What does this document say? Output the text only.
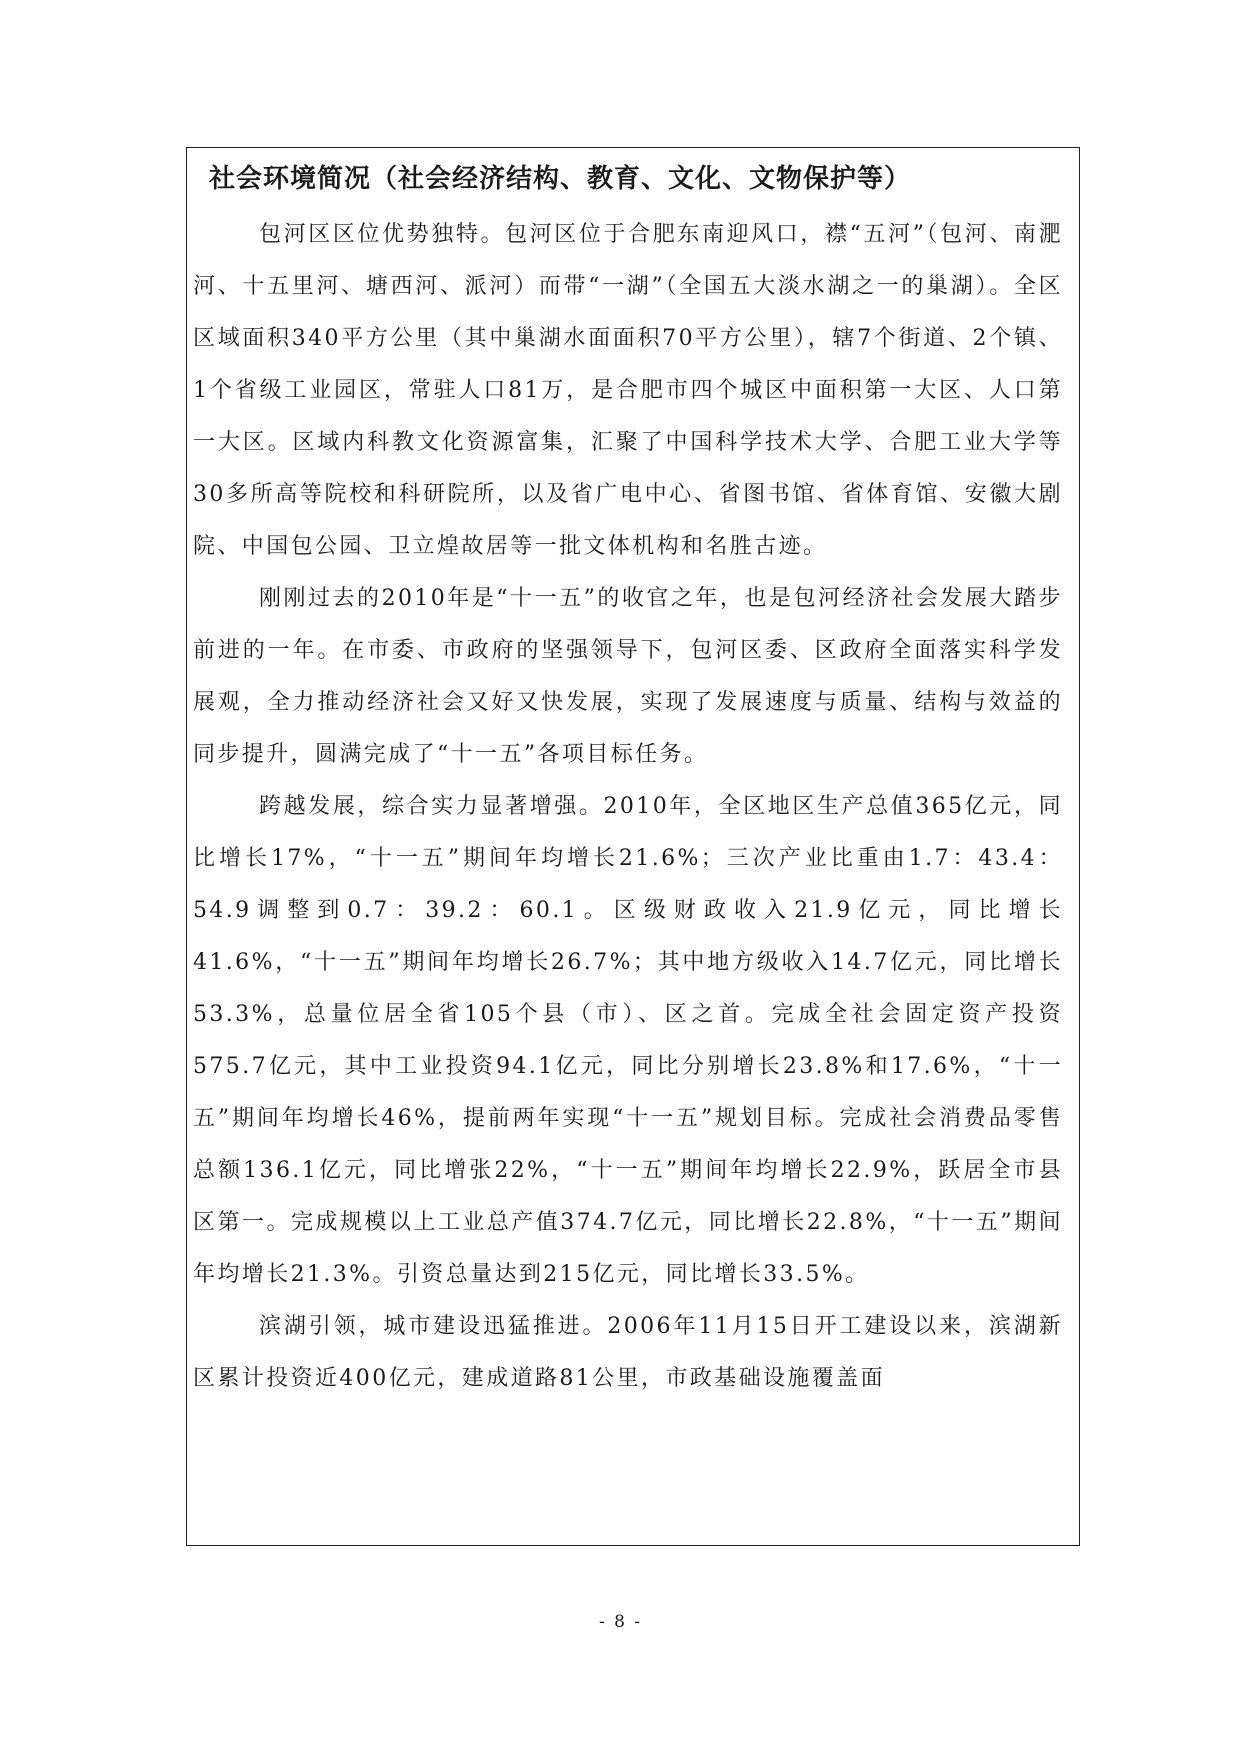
社会环境简况（社会经济结构、教育、文化、文物保护等）

包河区区位优势独特。包河区位于合肥东南迎风口，襟“五河”（包河、南淝河、十五里河、塘西河、派河）而带“一湖”（全国五大淡水湖之一的巢湖）。全区区域面积340平方公里（其中巢湖水面面积70平方公里），辖7个街道、2个镇、1个省级工业园区，常驻人口81万，是合肥市四个城区中面积第一大区、人口第一大区。区域内科教文化资源富集，汇聚了中国科学技术大学、合肥工业大学等30多所高等院校和科研院所，以及省广电中心、省图书馆、省体育馆、安徽大剧院、中国包公园、卫立煌故居等一批文体机构和名胜古迹。

刚刚过去的2010年是“十一五”的收官之年，也是包河经济社会发展大踏步前进的一年。在市委、市政府的坚强领导下，包河区委、区政府全面落实科学发展观，全力推动经济社会又好又快发展，实现了发展速度与质量、结构与效益的同步提升，圆满完成了“十一五”各项目标任务。

跨越发展，综合实力显著增强。2010年，全区地区生产总值365亿元，同比增长17%，“十一五”期间年均增长21.6%；三次产业比重由1.7：43.4：54.9调整到0.7：39.2：60.1。区级财政收入21.9亿元，同比增长41.6%，“十一五”期间年均增长26.7%；其中地方级收入14.7亿元，同比增长53.3%，总量位居全省105个县（市）、区之首。完成全社会固定资产投资575.7亿元，其中工业投资94.1亿元，同比分别增长23.8%和17.6%，“十一五”期间年均增长46%，提前两年实现“十一五”规划目标。完成社会消费品零售总额136.1亿元，同比增张22%，“十一五”期间年均增长22.9%，跃居全市县区第一。完成规模以上工业总产值374.7亿元，同比增长22.8%，“十一五”期间年均增长21.3%。引资总量达到215亿元，同比增长33.5%。

滨湖引领，城市建设迅猛推进。2006年11月15日开工建设以来，滨湖新区累计投资近400亿元，建成道路81公里，市政基础设施覆盖面

- 8 -
